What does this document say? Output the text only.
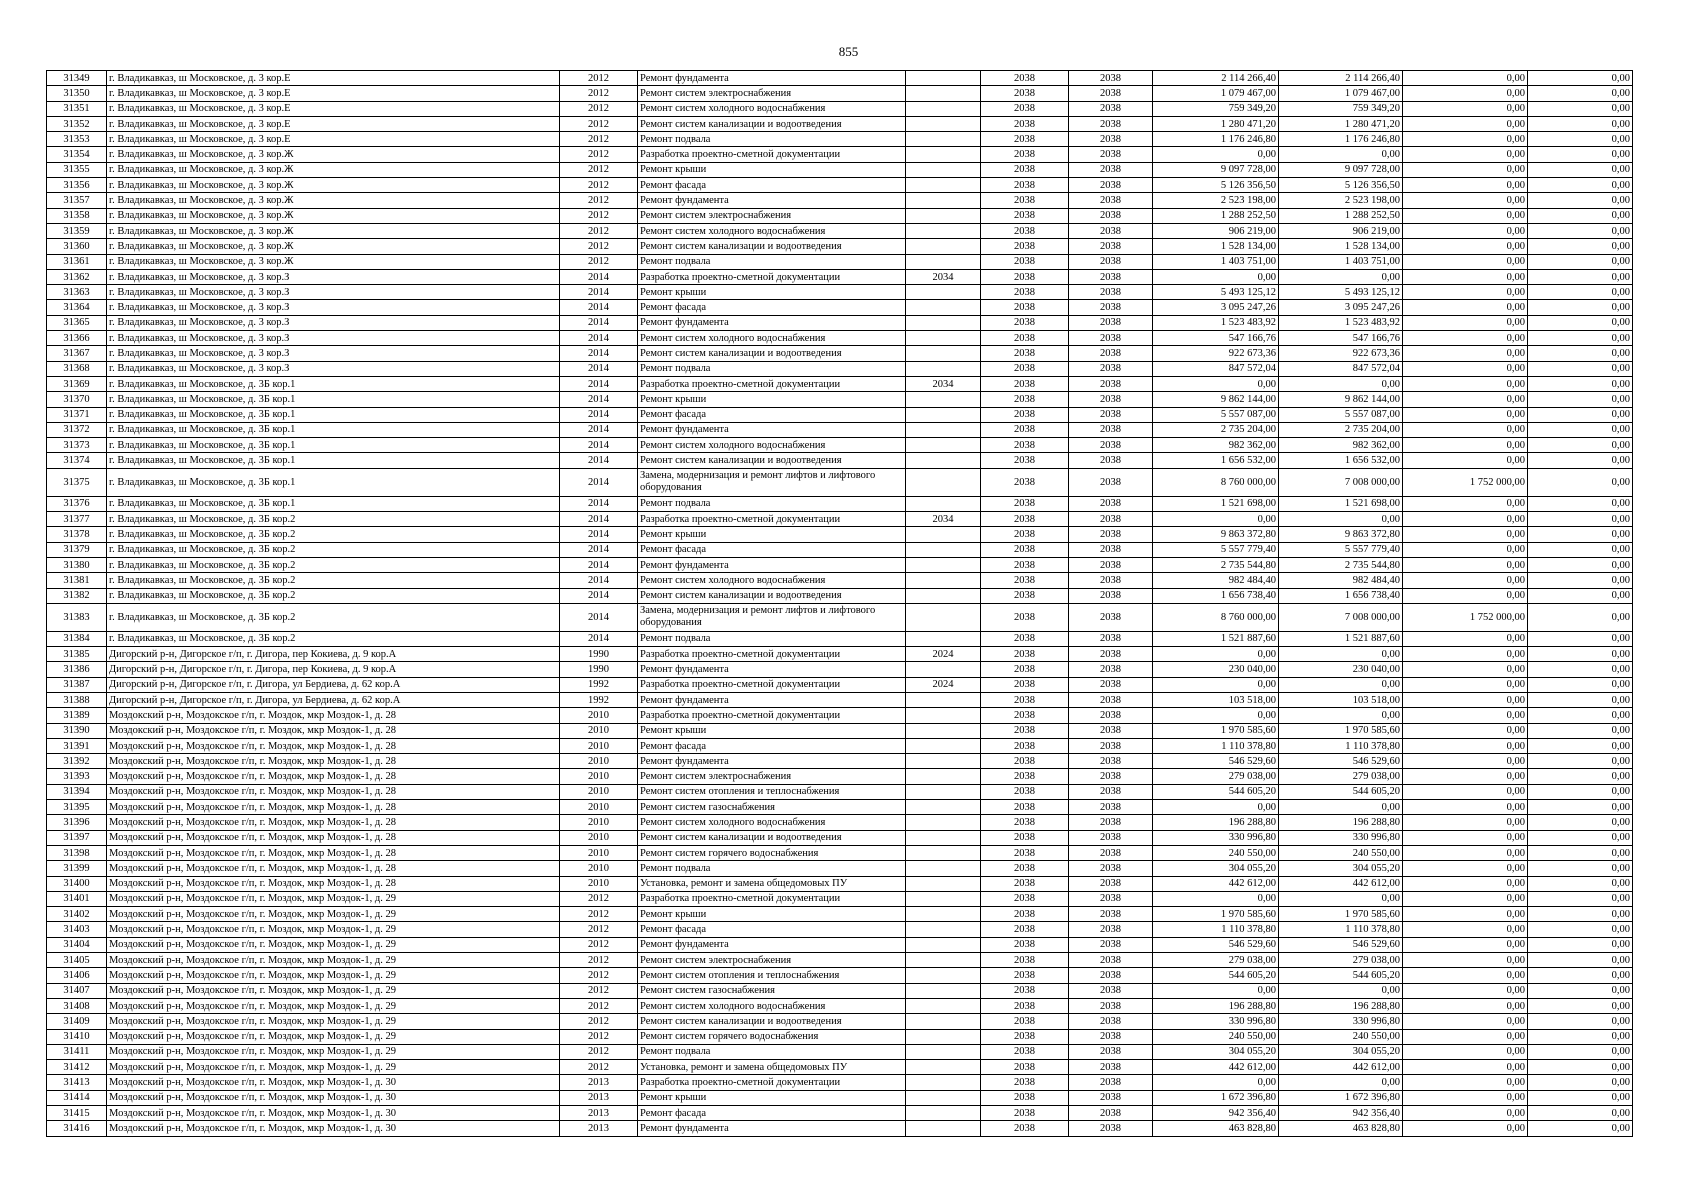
855
31349	г. Владикавказ, ш Московское, д. 3 кор.Е	2012	Ремонт фундамента		2038	2038	2 114 266,40	2 114 266,40	0,00	0,00
31350	г. Владикавказ, ш Московское, д. 3 кор.Е	2012	Ремонт систем электроснабжения		2038	2038	1 079 467,00	1 079 467,00	0,00	0,00
31351	г. Владикавказ, ш Московское, д. 3 кор.Е	2012	Ремонт систем холодного водоснабжения		2038	2038	759 349,20	759 349,20	0,00	0,00
31352	г. Владикавказ, ш Московское, д. 3 кор.Е	2012	Ремонт систем канализации и водоотведения		2038	2038	1 280 471,20	1 280 471,20	0,00	0,00
31353	г. Владикавказ, ш Московское, д. 3 кор.Е	2012	Ремонт подвала		2038	2038	1 176 246,80	1 176 246,80	0,00	0,00
31354	г. Владикавказ, ш Московское, д. 3 кор.Ж	2012	Разработка проектно-сметной документации		2038	2038	0,00	0,00	0,00	0,00
31355	г. Владикавказ, ш Московское, д. 3 кор.Ж	2012	Ремонт крыши		2038	2038	9 097 728,00	9 097 728,00	0,00	0,00
31356	г. Владикавказ, ш Московское, д. 3 кор.Ж	2012	Ремонт фасада		2038	2038	5 126 356,50	5 126 356,50	0,00	0,00
31357	г. Владикавказ, ш Московское, д. 3 кор.Ж	2012	Ремонт фундамента		2038	2038	2 523 198,00	2 523 198,00	0,00	0,00
31358	г. Владикавказ, ш Московское, д. 3 кор.Ж	2012	Ремонт систем электроснабжения		2038	2038	1 288 252,50	1 288 252,50	0,00	0,00
31359	г. Владикавказ, ш Московское, д. 3 кор.Ж	2012	Ремонт систем холодного водоснабжения		2038	2038	906 219,00	906 219,00	0,00	0,00
31360	г. Владикавказ, ш Московское, д. 3 кор.Ж	2012	Ремонт систем канализации и водоотведения		2038	2038	1 528 134,00	1 528 134,00	0,00	0,00
31361	г. Владикавказ, ш Московское, д. 3 кор.Ж	2012	Ремонт подвала		2038	2038	1 403 751,00	1 403 751,00	0,00	0,00
31362	г. Владикавказ, ш Московское, д. 3 кор.З	2014	Разработка проектно-сметной документации	2034	2038	2038	0,00	0,00	0,00	0,00
31363	г. Владикавказ, ш Московское, д. 3 кор.З	2014	Ремонт крыши		2038	2038	5 493 125,12	5 493 125,12	0,00	0,00
31364	г. Владикавказ, ш Московское, д. 3 кор.З	2014	Ремонт фасада		2038	2038	3 095 247,26	3 095 247,26	0,00	0,00
31365	г. Владикавказ, ш Московское, д. 3 кор.З	2014	Ремонт фундамента		2038	2038	1 523 483,92	1 523 483,92	0,00	0,00
31366	г. Владикавказ, ш Московское, д. 3 кор.З	2014	Ремонт систем холодного водоснабжения		2038	2038	547 166,76	547 166,76	0,00	0,00
31367	г. Владикавказ, ш Московское, д. 3 кор.З	2014	Ремонт систем канализации и водоотведения		2038	2038	922 673,36	922 673,36	0,00	0,00
31368	г. Владикавказ, ш Московское, д. 3 кор.З	2014	Ремонт подвала		2038	2038	847 572,04	847 572,04	0,00	0,00
31369	г. Владикавказ, ш Московское, д. 3Б кор.1	2014	Разработка проектно-сметной документации	2034	2038	2038	0,00	0,00	0,00	0,00
31370	г. Владикавказ, ш Московское, д. 3Б кор.1	2014	Ремонт крыши		2038	2038	9 862 144,00	9 862 144,00	0,00	0,00
31371	г. Владикавказ, ш Московское, д. 3Б кор.1	2014	Ремонт фасада		2038	2038	5 557 087,00	5 557 087,00	0,00	0,00
31372	г. Владикавказ, ш Московское, д. 3Б кор.1	2014	Ремонт фундамента		2038	2038	2 735 204,00	2 735 204,00	0,00	0,00
31373	г. Владикавказ, ш Московское, д. 3Б кор.1	2014	Ремонт систем холодного водоснабжения		2038	2038	982 362,00	982 362,00	0,00	0,00
31374	г. Владикавказ, ш Московское, д. 3Б кор.1	2014	Ремонт систем канализации и водоотведения		2038	2038	1 656 532,00	1 656 532,00	0,00	0,00
31375	г. Владикавказ, ш Московское, д. 3Б кор.1	2014	Замена, модернизация и ремонт лифтов и лифтового оборудования		2038	2038	8 760 000,00	7 008 000,00	1 752 000,00	0,00
31376	г. Владикавказ, ш Московское, д. 3Б кор.1	2014	Ремонт подвала		2038	2038	1 521 698,00	1 521 698,00	0,00	0,00
31377	г. Владикавказ, ш Московское, д. 3Б кор.2	2014	Разработка проектно-сметной документации	2034	2038	2038	0,00	0,00	0,00	0,00
31378	г. Владикавказ, ш Московское, д. 3Б кор.2	2014	Ремонт крыши		2038	2038	9 863 372,80	9 863 372,80	0,00	0,00
31379	г. Владикавказ, ш Московское, д. 3Б кор.2	2014	Ремонт фасада		2038	2038	5 557 779,40	5 557 779,40	0,00	0,00
31380	г. Владикавказ, ш Московское, д. 3Б кор.2	2014	Ремонт фундамента		2038	2038	2 735 544,80	2 735 544,80	0,00	0,00
31381	г. Владикавказ, ш Московское, д. 3Б кор.2	2014	Ремонт систем холодного водоснабжения		2038	2038	982 484,40	982 484,40	0,00	0,00
31382	г. Владикавказ, ш Московское, д. 3Б кор.2	2014	Ремонт систем канализации и водоотведения		2038	2038	1 656 738,40	1 656 738,40	0,00	0,00
31383	г. Владикавказ, ш Московское, д. 3Б кор.2	2014	Замена, модернизация и ремонт лифтов и лифтового оборудования		2038	2038	8 760 000,00	7 008 000,00	1 752 000,00	0,00
31384	г. Владикавказ, ш Московское, д. 3Б кор.2	2014	Ремонт подвала		2038	2038	1 521 887,60	1 521 887,60	0,00	0,00
31385	Дигорский р-н, Дигорское г/п, г. Дигора, пер Кокиева, д. 9 кор.А	1990	Разработка проектно-сметной документации	2024	2038	2038	0,00	0,00	0,00	0,00
31386	Дигорский р-н, Дигорское г/п, г. Дигора, пер Кокиева, д. 9 кор.А	1990	Ремонт фундамента		2038	2038	230 040,00	230 040,00	0,00	0,00
31387	Дигорский р-н, Дигорское г/п, г. Дигора, ул Бердиева, д. 62 кор.А	1992	Разработка проектно-сметной документации	2024	2038	2038	0,00	0,00	0,00	0,00
31388	Дигорский р-н, Дигорское г/п, г. Дигора, ул Бердиева, д. 62 кор.А	1992	Ремонт фундамента		2038	2038	103 518,00	103 518,00	0,00	0,00
31389	Моздокский р-н, Моздокское г/п, г. Моздок, мкр Моздок-1, д. 28	2010	Разработка проектно-сметной документации		2038	2038	0,00	0,00	0,00	0,00
31390	Моздокский р-н, Моздокское г/п, г. Моздок, мкр Моздок-1, д. 28	2010	Ремонт крыши		2038	2038	1 970 585,60	1 970 585,60	0,00	0,00
31391	Моздокский р-н, Моздокское г/п, г. Моздок, мкр Моздок-1, д. 28	2010	Ремонт фасада		2038	2038	1 110 378,80	1 110 378,80	0,00	0,00
31392	Моздокский р-н, Моздокское г/п, г. Моздок, мкр Моздок-1, д. 28	2010	Ремонт фундамента		2038	2038	546 529,60	546 529,60	0,00	0,00
31393	Моздокский р-н, Моздокское г/п, г. Моздок, мкр Моздок-1, д. 28	2010	Ремонт систем электроснабжения		2038	2038	279 038,00	279 038,00	0,00	0,00
31394	Моздокский р-н, Моздокское г/п, г. Моздок, мкр Моздок-1, д. 28	2010	Ремонт систем отопления и теплоснабжения		2038	2038	544 605,20	544 605,20	0,00	0,00
31395	Моздокский р-н, Моздокское г/п, г. Моздок, мкр Моздок-1, д. 28	2010	Ремонт систем газоснабжения		2038	2038	0,00	0,00	0,00	0,00
31396	Моздокский р-н, Моздокское г/п, г. Моздок, мкр Моздок-1, д. 28	2010	Ремонт систем холодного водоснабжения		2038	2038	196 288,80	196 288,80	0,00	0,00
31397	Моздокский р-н, Моздокское г/п, г. Моздок, мкр Моздок-1, д. 28	2010	Ремонт систем канализации и водоотведения		2038	2038	330 996,80	330 996,80	0,00	0,00
31398	Моздокский р-н, Моздокское г/п, г. Моздок, мкр Моздок-1, д. 28	2010	Ремонт систем горячего водоснабжения		2038	2038	240 550,00	240 550,00	0,00	0,00
31399	Моздокский р-н, Моздокское г/п, г. Моздок, мкр Моздок-1, д. 28	2010	Ремонт подвала		2038	2038	304 055,20	304 055,20	0,00	0,00
31400	Моздокский р-н, Моздокское г/п, г. Моздок, мкр Моздок-1, д. 28	2010	Установка, ремонт и замена общедомовых ПУ		2038	2038	442 612,00	442 612,00	0,00	0,00
31401	Моздокский р-н, Моздокское г/п, г. Моздок, мкр Моздок-1, д. 29	2012	Разработка проектно-сметной документации		2038	2038	0,00	0,00	0,00	0,00
31402	Моздокский р-н, Моздокское г/п, г. Моздок, мкр Моздок-1, д. 29	2012	Ремонт крыши		2038	2038	1 970 585,60	1 970 585,60	0,00	0,00
31403	Моздокский р-н, Моздокское г/п, г. Моздок, мкр Моздок-1, д. 29	2012	Ремонт фасада		2038	2038	1 110 378,80	1 110 378,80	0,00	0,00
31404	Моздокский р-н, Моздокское г/п, г. Моздок, мкр Моздок-1, д. 29	2012	Ремонт фундамента		2038	2038	546 529,60	546 529,60	0,00	0,00
31405	Моздокский р-н, Моздокское г/п, г. Моздок, мкр Моздок-1, д. 29	2012	Ремонт систем электроснабжения		2038	2038	279 038,00	279 038,00	0,00	0,00
31406	Моздокский р-н, Моздокское г/п, г. Моздок, мкр Моздок-1, д. 29	2012	Ремонт систем отопления и теплоснабжения		2038	2038	544 605,20	544 605,20	0,00	0,00
31407	Моздокский р-н, Моздокское г/п, г. Моздок, мкр Моздок-1, д. 29	2012	Ремонт систем газоснабжения		2038	2038	0,00	0,00	0,00	0,00
31408	Моздокский р-н, Моздокское г/п, г. Моздок, мкр Моздок-1, д. 29	2012	Ремонт систем холодного водоснабжения		2038	2038	196 288,80	196 288,80	0,00	0,00
31409	Моздокский р-н, Моздокское г/п, г. Моздок, мкр Моздок-1, д. 29	2012	Ремонт систем канализации и водоотведения		2038	2038	330 996,80	330 996,80	0,00	0,00
31410	Моздокский р-н, Моздокское г/п, г. Моздок, мкр Моздок-1, д. 29	2012	Ремонт систем горячего водоснабжения		2038	2038	240 550,00	240 550,00	0,00	0,00
31411	Моздокский р-н, Моздокское г/п, г. Моздок, мкр Моздок-1, д. 29	2012	Ремонт подвала		2038	2038	304 055,20	304 055,20	0,00	0,00
31412	Моздокский р-н, Моздокское г/п, г. Моздок, мкр Моздок-1, д. 29	2012	Установка, ремонт и замена общедомовых ПУ		2038	2038	442 612,00	442 612,00	0,00	0,00
31413	Моздокский р-н, Моздокское г/п, г. Моздок, мкр Моздок-1, д. 30	2013	Разработка проектно-сметной документации		2038	2038	0,00	0,00	0,00	0,00
31414	Моздокский р-н, Моздокское г/п, г. Моздок, мкр Моздок-1, д. 30	2013	Ремонт крыши		2038	2038	1 672 396,80	1 672 396,80	0,00	0,00
31415	Моздокский р-н, Моздокское г/п, г. Моздок, мкр Моздок-1, д. 30	2013	Ремонт фасада		2038	2038	942 356,40	942 356,40	0,00	0,00
31416	Моздокский р-н, Моздокское г/п, г. Моздок, мкр Моздок-1, д. 30	2013	Ремонт фундамента		2038	2038	463 828,80	463 828,80	0,00	0,00
